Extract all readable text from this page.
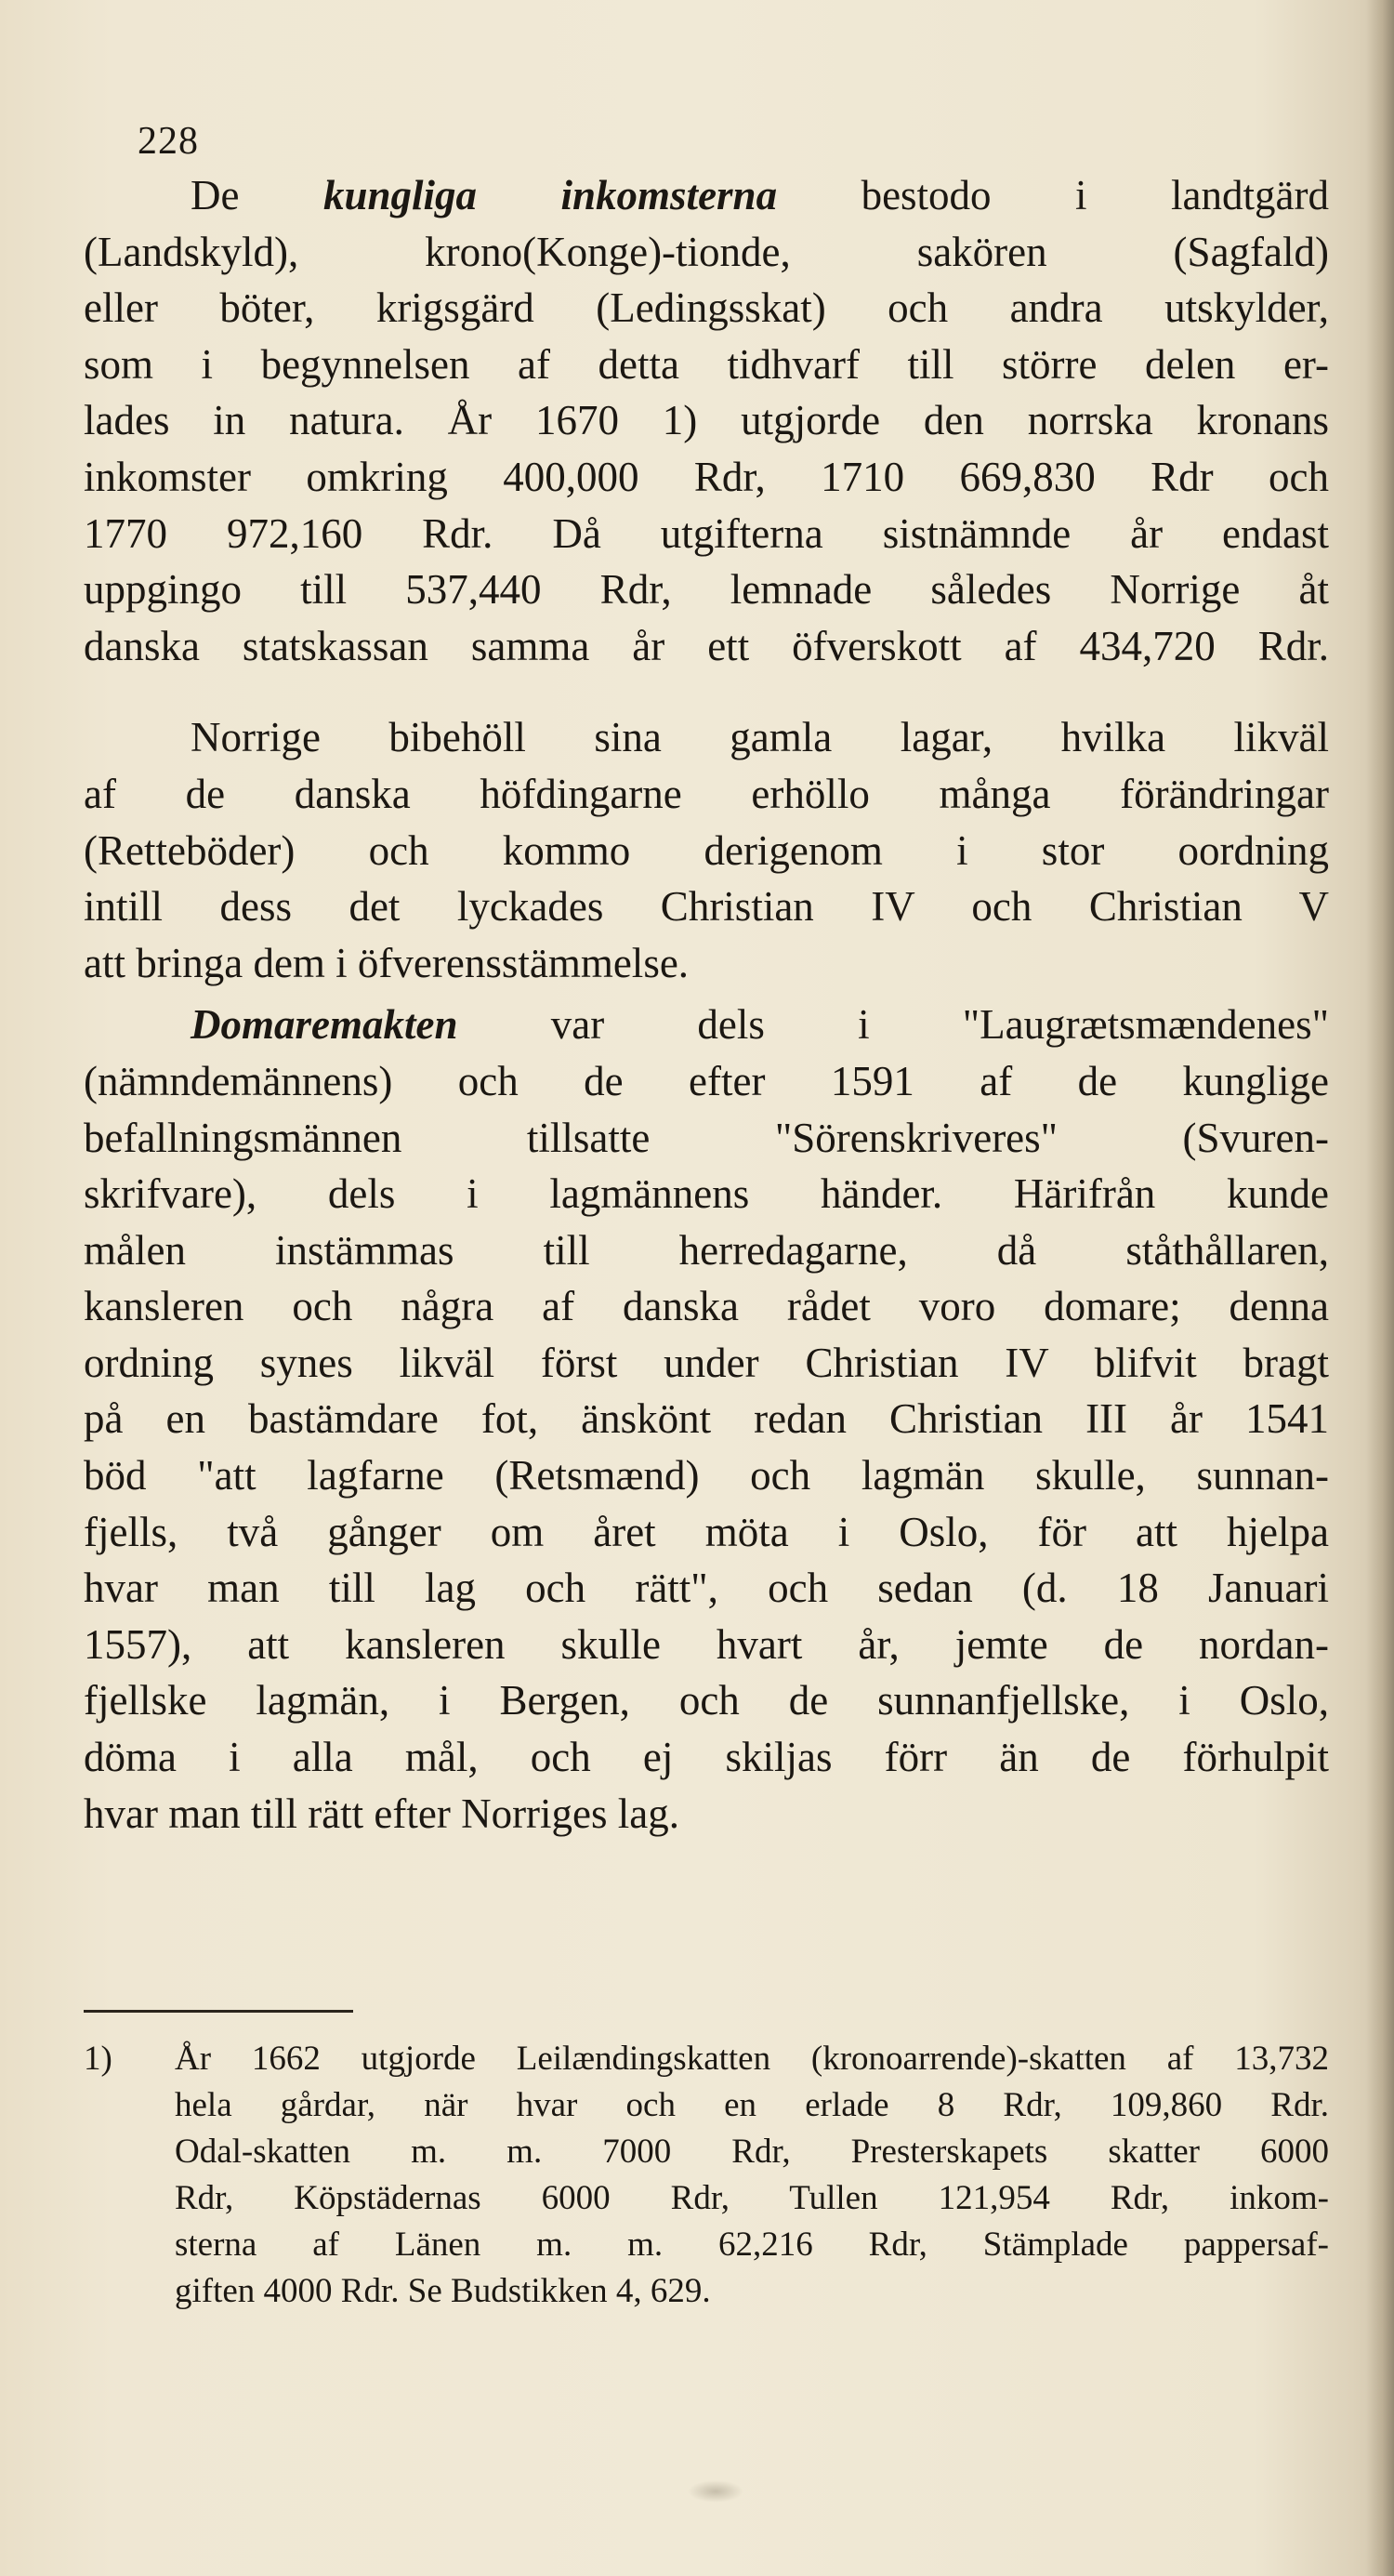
228
De kungliga inkomsterna bestodo i landtgärd
(Landskyld), krono(Konge)-tionde, sakören (Sagfald)
eller böter, krigsgärd (Ledingsskat) och andra utskylder,
som i begynnelsen af detta tidhvarf till större delen er-
lades in natura. År 1670 1) utgjorde den norrska kronans
inkomster omkring 400,000 Rdr, 1710 669,830 Rdr och
1770 972,160 Rdr. Då utgifterna sistnämnde år endast
uppgingo till 537,440 Rdr, lemnade således Norrige åt
danska statskassan samma år ett öfverskott af 434,720 Rdr.
Norrige bibehöll sina gamla lagar, hvilka likväl
af de danska höfdingarne erhöllo många förändringar
(Retteböder) och kommo derigenom i stor oordning
intill dess det lyckades Christian IV och Christian V
att bringa dem i öfverensstämmelse.
Domaremakten var dels i "Laugrætsmændenes"
(nämndemännens) och de efter 1591 af de kunglige
befallningsmännen tillsatte "Sörenskriveres" (Svuren-
skrifvare), dels i lagmännens händer. Härifrån kunde
målen instämmas till herredagarne, då ståthållaren,
kansleren och några af danska rådet voro domare; denna
ordning synes likväl först under Christian IV blifvit bragt
på en bastämdare fot, änskönt redan Christian III år 1541
böd "att lagfarne (Retsmænd) och lagmän skulle, sunnan-
fjells, två gånger om året möta i Oslo, för att hjelpa
hvar man till lag och rätt", och sedan (d. 18 Januari
1557), att kansleren skulle hvart år, jemte de nordan-
fjellske lagmän, i Bergen, och de sunnanfjellske, i Oslo,
döma i alla mål, och ej skiljas förr än de förhulpit
hvar man till rätt efter Norriges lag.
1) År 1662 utgjorde Leilændingskatten (kronoarrende)-skatten af 13,732
hela gårdar, när hvar och en erlade 8 Rdr, 109,860 Rdr.
Odal-skatten m. m. 7000 Rdr, Presterskapets skatter 6000
Rdr, Köpstädernas 6000 Rdr, Tullen 121,954 Rdr, inkom-
sterna af Länen m. m. 62,216 Rdr, Stämplade pappersaf-
giften 4000 Rdr. Se Budstikken 4, 629.
